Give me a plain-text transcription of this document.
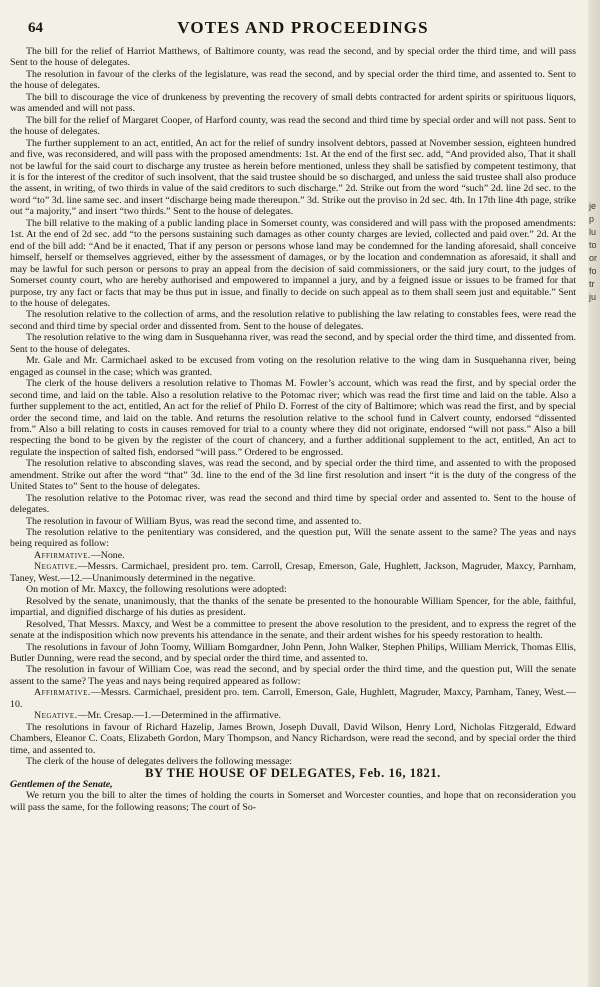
64	VOTES AND PROCEEDINGS

The bill for the relief of Harriot Matthews, of Baltimore county, was read the second, and by special order the third time, and will pass Sent to the house of delegates.

The resolution in favour of the clerks of the legislature, was read the second, and by special order the third time, and assented to. Sent to the house of delegates.

The bill to discourage the vice of drunkeness by preventing the recovery of small debts contracted for ardent spirits or spirituous liquors, was amended and will not pass.

The bill for the relief of Margaret Cooper, of Harford county, was read the second and third time by special order and will not pass. Sent to the house of delegates.

The further supplement to an act, entitled, An act for the relief of sundry insolvent debtors, passed at November session, eighteen hundred and five, was reconsidered, and will pass with the proposed amendments: 1st. At the end of the first sec. add, “And provided also, That it shall not be lawful for the said court to discharge any trustee as herein before mentioned, unless they shall be satisfied by competent testimony, that it is for the interest of the creditor of such insolvent, that the said trustee should be so discharged, and unless the said trustee shall also produce the assent, in writing, of two thirds in value of the said creditors to such discharge.” 2d. Strike out from the word “such” 2d. line 2d sec. to the word “to” 3d. line same sec. and insert “discharge being made thereupon.” 3d. Strike out the proviso in 2d sec. 4th. In 17th line 4th page, strike out “a majority,” and insert “two thirds.” Sent to the house of delegates.

The bill relative to the making of a public landing place in Somerset county, was considered and will pass with the proposed amendments: 1st. At the end of 2d sec. add “to the persons sustaining such damages as other county charges are levied, collected and paid over.” 2d. At the end of the bill add: “And be it enacted, That if any person or persons whose land may be condemned for the landing aforesaid, shall conceive himself, herself or themselves aggrieved, either by the assessment of damages, or by the location and condemnation as aforesaid, it shall and may be lawful for such person or persons to pray an appeal from the decision of said commissioners, or the said jury court, to the judges of Somerset county court, who are hereby authorised and empowered to impannel a jury, and by a feigned issue or issues to be framed for that purpose, try any fact or facts that may be thus put in issue, and finally to decide on such appeal as to them shall seem just and equitable.” Sent to the house of delegates.

The resolution relative to the collection of arms, and the resolution relative to publishing the law relating to constables fees, were read the second and third time by special order and dissented from. Sent to the house of delegates.

The resolution relative to the wing dam in Susquehanna river, was read the second, and by special order the third time, and dissented from. Sent to the house of delegates.

Mr. Gale and Mr. Carmichael asked to be excused from voting on the resolution relative to the wing dam in Susquehanna river, being engaged as counsel in the case; which was granted.

The clerk of the house delivers a resolution relative to Thomas M. Fowler’s account, which was read the first, and by special order the second time, and laid on the table. Also a resolution relative to the Potomac river; which was read the first time and laid on the table. Also a further supplement to the act, entitled, An act for the relief of Philo D. Forrest of the city of Baltimore; which was read the first, and by special order the second time, and laid on the table. And returns the resolution relative to the school fund in Calvert county, endorsed “dissented from.” Also a bill relating to costs in causes removed for trial to a county where they did not originate, endorsed “will not pass.” Also a bill respecting the bond to be given by the register of the court of chancery, and a further additional supplement to the act, entitled, An act to regulate the inspection of salted fish, endorsed “will pass.” Ordered to be engrossed.

The resolution relative to absconding slaves, was read the second, and by special order the third time, and assented to with the proposed amendment. Strike out after the word “that” 3d. line to the end of the 3d line first resolution and insert “it is the duty of the congress of the United States to” Sent to the house of delegates.

The resolution relative to the Potomac river, was read the second and third time by special order and assented to. Sent to the house of delegates.

The resolution in favour of William Byus, was read the second time, and assented to.

The resolution relative to the penitentiary was considered, and the question put, Will the senate assent to the same? The yeas and nays being required as follow:

Affirmative.—None.

Negative.—Messrs. Carmichael, president pro. tem. Carroll, Cresap, Emerson, Gale, Hughlett, Jackson, Magruder, Maxcy, Parnham, Taney, West.—12.—Unanimously determined in the negative.

On motion of Mr. Maxcy, the following resolutions were adopted:

Resolved by the senate, unanimously, that the thanks of the senate be presented to the honourable William Spencer, for the able, faithful, impartial, and dignified discharge of his duties as president.

Resolved, That Messrs. Maxcy, and West be a committee to present the above resolution to the president, and to express the regret of the senate at the indisposition which now prevents his attendance in the senate, and their ardent wishes for his speedy restoration to health.

The resolutions in favour of John Toomy, William Bomgardner, John Penn, John Walker, Stephen Philips, William Merrick, Thomas Ellis, Butler Dunning, were read the second, and by special order the third time, and assented to.

The resolution in favour of William Coe, was read the second, and by special order the third time, and the question put, Will the senate assent to the same? The yeas and nays being required appeared as follow:

Affirmative.—Messrs. Carmichael, president pro. tem. Carroll, Emerson, Gale, Hughlett, Magruder, Maxcy, Parnham, Taney, West.—10.

Negative.—Mr. Cresap.—1.—Determined in the affirmative.

The resolutions in favour of Richard Hazelip, James Brown, Joseph Duvall, David Wilson, Henry Lord, Nicholas Fitzgerald, Edward Chambers, Eleanor C. Coats, Elizabeth Gordon, Mary Thompson, and Nancy Richardson, were read the second, and by special order the third time, and assented to.

The clerk of the house of delegates delivers the following message:

BY THE HOUSE OF DELEGATES, Feb. 16, 1821.

Gentlemen of the Senate,

We return you the bill to alter the times of holding the courts in Somerset and Worcester counties, and hope that on reconsideration you will pass the same, for the following reasons; The court of So-

je
p
lu
to
or
fo
tr
ju
